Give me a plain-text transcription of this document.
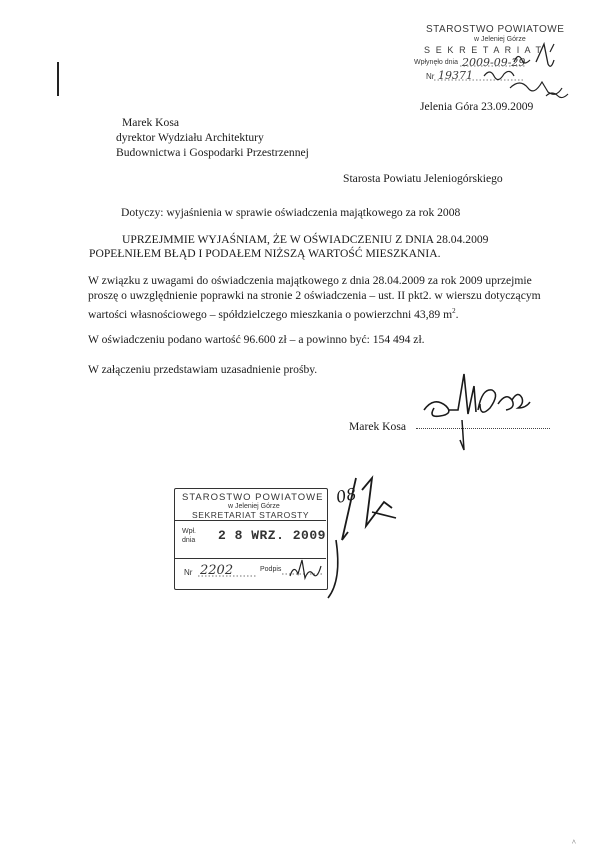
STAROSTWO POWIATOWE
w Jeleniej Górze
S E K R E T A R I A T
Wpłynęło dnia 2009-09-29
Nr 19371
Jelenia Góra 23.09.2009
Marek Kosa
dyrektor Wydziału Architektury
Budownictwa i Gospodarki Przestrzennej
Starosta Powiatu Jeleniogórskiego
Dotyczy: wyjaśnienia w sprawie oświadczenia majątkowego za rok 2008
UPRZEJMMIE WYJAŚNIAM, ŻE W OŚWIADCZENIU Z DNIA 28.04.2009
POPEŁNIŁEM BŁĄD I PODAŁEM NIŻSZĄ WARTOŚĆ MIESZKANIA.
W związku z uwagami do oświadczenia majątkowego z dnia 28.04.2009 za rok 2009 uprzejmie
proszę o uwzględnienie poprawki na stronie 2 oświadczenia – ust. II pkt2. w wierszu dotyczącym
wartości własnościowego – spółdzielczego mieszkania o powierzchni 43,89 $m^2$.
W oświadczeniu podano wartość 96.600 zł – a powinno być: 154 494 zł.
W załączeniu przedstawiam uzasadnienie prośby.
Marek Kosa
STAROSTWO POWIATOWE
w Jeleniej Górze
SEKRETARIAT STAROSTY
Wpł.
dnia 2 8 WRZ. 2009
Nr 2202	Podpis
08
^
